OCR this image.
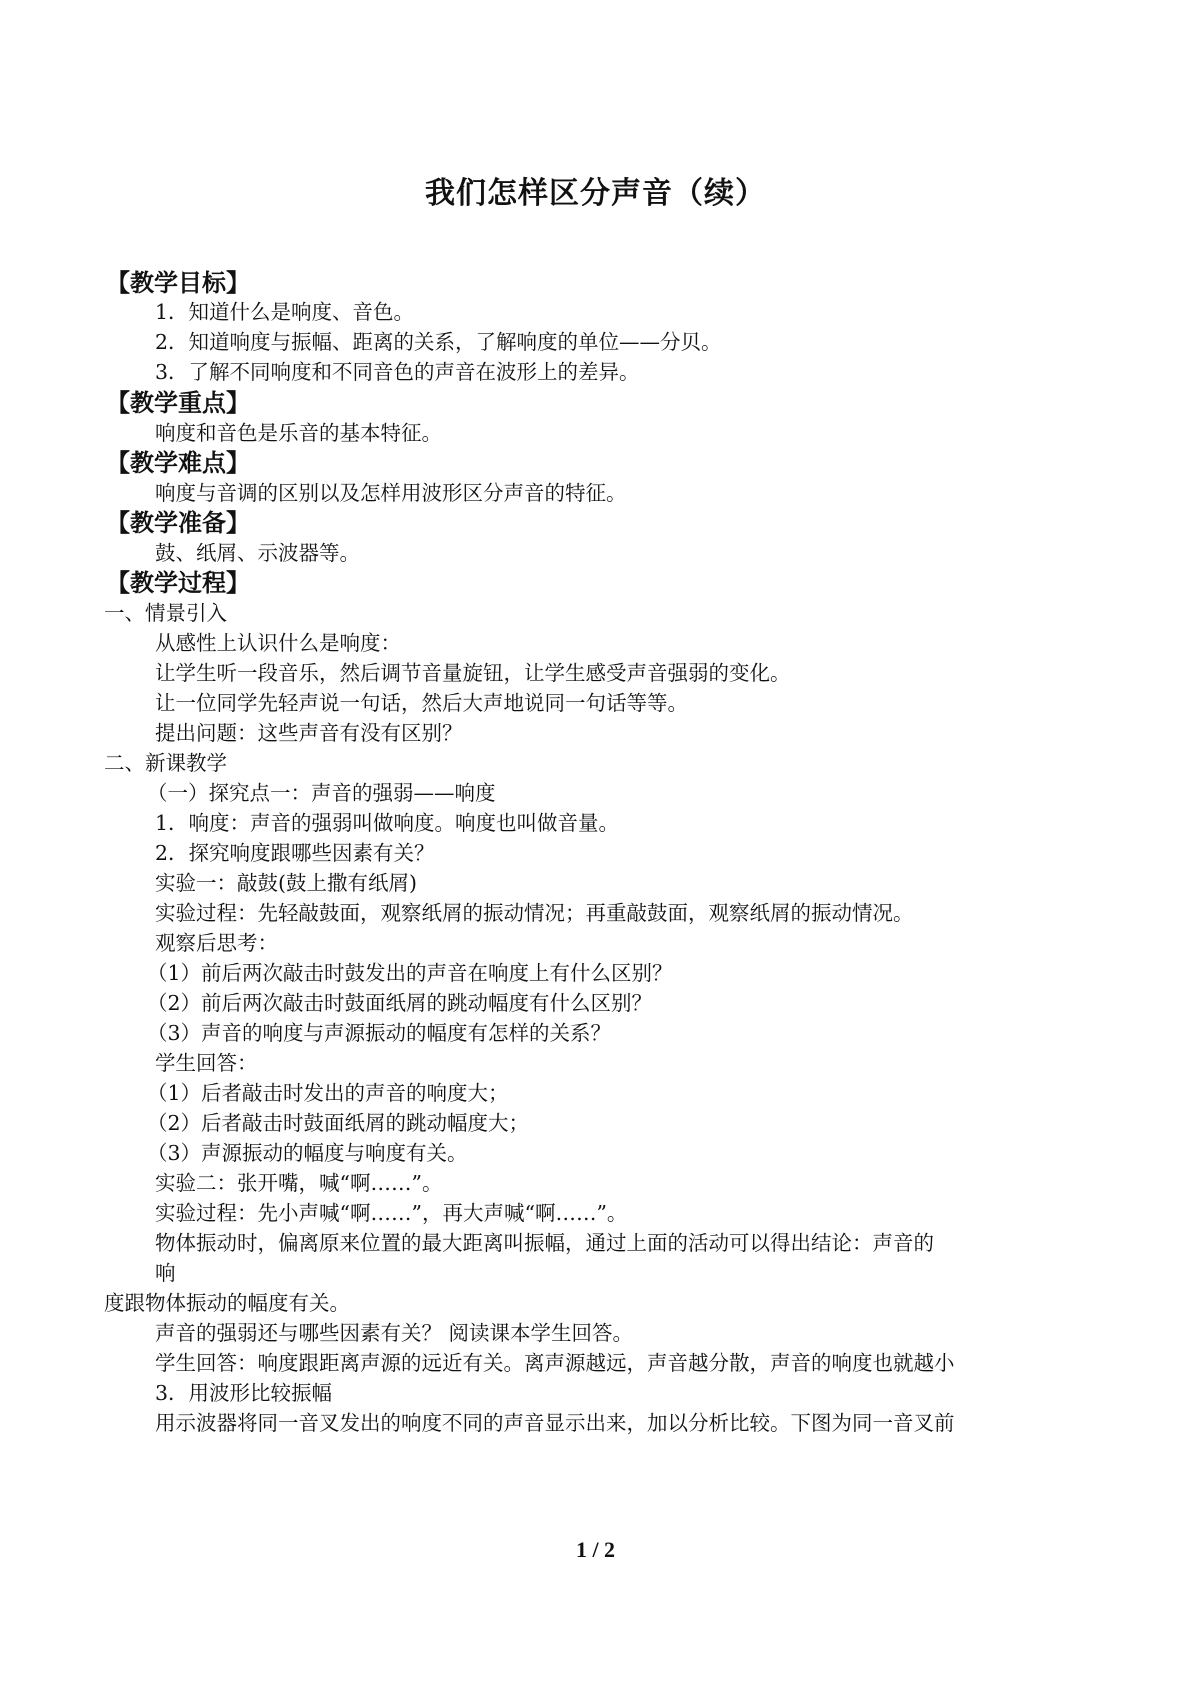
我们怎样区分声音（续）
【教学目标】
1．知道什么是响度、音色。
2．知道响度与振幅、距离的关系，了解响度的单位——分贝。
3．了解不同响度和不同音色的声音在波形上的差异。
【教学重点】
响度和音色是乐音的基本特征。
【教学难点】
响度与音调的区别以及怎样用波形区分声音的特征。
【教学准备】
鼓、纸屑、示波器等。
【教学过程】
一、情景引入
从感性上认识什么是响度：
让学生听一段音乐，然后调节音量旋钮，让学生感受声音强弱的变化。
让一位同学先轻声说一句话，然后大声地说同一句话等等。
提出问题：这些声音有没有区别？
二、新课教学
（一）探究点一：声音的强弱——响度
1．响度：声音的强弱叫做响度。响度也叫做音量。
2．探究响度跟哪些因素有关？
实验一：敲鼓(鼓上撒有纸屑)
实验过程：先轻敲鼓面，观察纸屑的振动情况；再重敲鼓面，观察纸屑的振动情况。
观察后思考：
（1）前后两次敲击时鼓发出的声音在响度上有什么区别？
（2）前后两次敲击时鼓面纸屑的跳动幅度有什么区别？
（3）声音的响度与声源振动的幅度有怎样的关系？
学生回答：
（1）后者敲击时发出的声音的响度大；
（2）后者敲击时鼓面纸屑的跳动幅度大；
（3）声源振动的幅度与响度有关。
实验二：张开嘴，喊“啊……”。
实验过程：先小声喊“啊……”，再大声喊“啊……”。
物体振动时，偏离原来位置的最大距离叫振幅，通过上面的活动可以得出结论：声音的
响
度跟物体振动的幅度有关。
声音的强弱还与哪些因素有关？ 阅读课本学生回答。
学生回答：响度跟距离声源的远近有关。离声源越远，声音越分散，声音的响度也就越小
3．用波形比较振幅
用示波器将同一音叉发出的响度不同的声音显示出来，加以分析比较。下图为同一音叉前
1 / 2
